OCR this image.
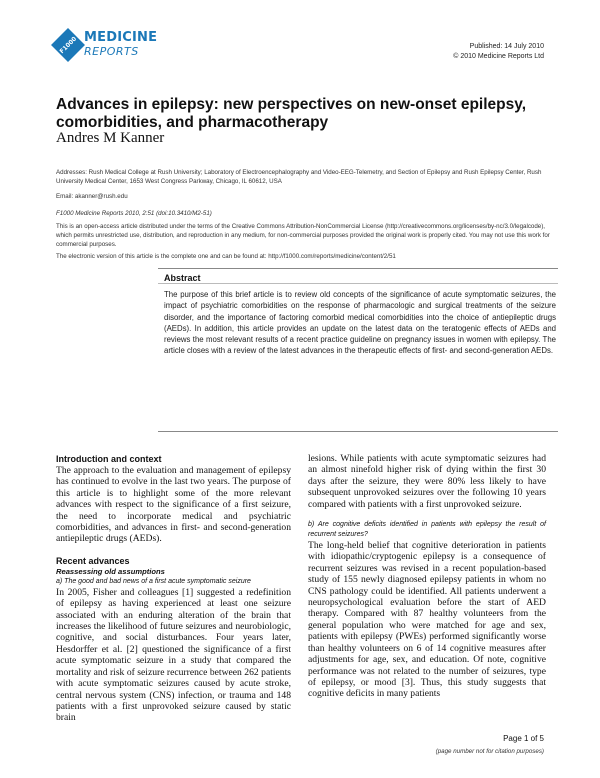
F1000 MEDICINE
REPORTS	Published: 14 July 2010
© 2010 Medicine Reports Ltd
Advances in epilepsy: new perspectives on new-onset epilepsy, comorbidities, and pharmacotherapy
Andres M Kanner
Addresses: Rush Medical College at Rush University; Laboratory of Electroencephalography and Video-EEG-Telemetry, and Section of Epilepsy and Rush Epilepsy Center, Rush University Medical Center, 1653 West Congress Parkway, Chicago, IL 60612, USA
Email: akanner@rush.edu
F1000 Medicine Reports 2010, 2:51 (doi:10.3410/M2-51)
This is an open-access article distributed under the terms of the Creative Commons Attribution-NonCommercial License (http://creativecommons.org/licenses/by-nc/3.0/legalcode), which permits unrestricted use, distribution, and reproduction in any medium, for non-commercial purposes provided the original work is properly cited. You may not use this work for commercial purposes.
The electronic version of this article is the complete one and can be found at: http://f1000.com/reports/medicine/content/2/51
Abstract
The purpose of this brief article is to review old concepts of the significance of acute symptomatic seizures, the impact of psychiatric comorbidities on the response of pharmacologic and surgical treatments of the seizure disorder, and the importance of factoring comorbid medical comorbidities into the choice of antiepileptic drugs (AEDs). In addition, this article provides an update on the latest data on the teratogenic effects of AEDs and reviews the most relevant results of a recent practice guideline on pregnancy issues in women with epilepsy. The article closes with a review of the latest advances in the therapeutic effects of first- and second-generation AEDs.
Introduction and context

The approach to the evaluation and management of epilepsy has continued to evolve in the last two years. The purpose of this article is to highlight some of the more relevant advances with respect to the significance of a first seizure, the need to incorporate medical and psychiatric comorbidities, and advances in first- and second-generation antiepileptic drugs (AEDs).

Recent advances
Reassessing old assumptions
a) The good and bad news of a first acute symptomatic seizure

In 2005, Fisher and colleagues [1] suggested a redefinition of epilepsy as having experienced at least one seizure associated with an enduring alteration of the brain that increases the likelihood of future seizures and neurobiologic, cognitive, and social disturbances. Four years later, Hesdorffer et al. [2] questioned the significance of a first acute symptomatic seizure in a study that compared the mortality and risk of seizure recurrence between 262 patients with acute symptomatic seizures caused by acute stroke, central nervous system (CNS) infection, or trauma and 148 patients with a first unprovoked seizure caused by static brain

lesions. While patients with acute symptomatic seizures had an almost ninefold higher risk of dying within the first 30 days after the seizure, they were 80% less likely to have subsequent unprovoked seizures over the following 10 years compared with patients with a first unprovoked seizure.

b) Are cognitive deficits identified in patients with epilepsy the result of recurrent seizures?

The long-held belief that cognitive deterioration in patients with idiopathic/cryptogenic epilepsy is a consequence of recurrent seizures was revised in a recent population-based study of 155 newly diagnosed epilepsy patients in whom no CNS pathology could be identified. All patients underwent a neuropsychological evaluation before the start of AED therapy. Compared with 87 healthy volunteers from the general population who were matched for age and sex, patients with epilepsy (PWEs) performed significantly worse than healthy volunteers on 6 of 14 cognitive measures after adjustments for age, sex, and education. Of note, cognitive performance was not related to the number of seizures, type of epilepsy, or mood [3]. Thus, this study suggests that cognitive deficits in many patients

Page 1 of 5
(page number not for citation purposes)
